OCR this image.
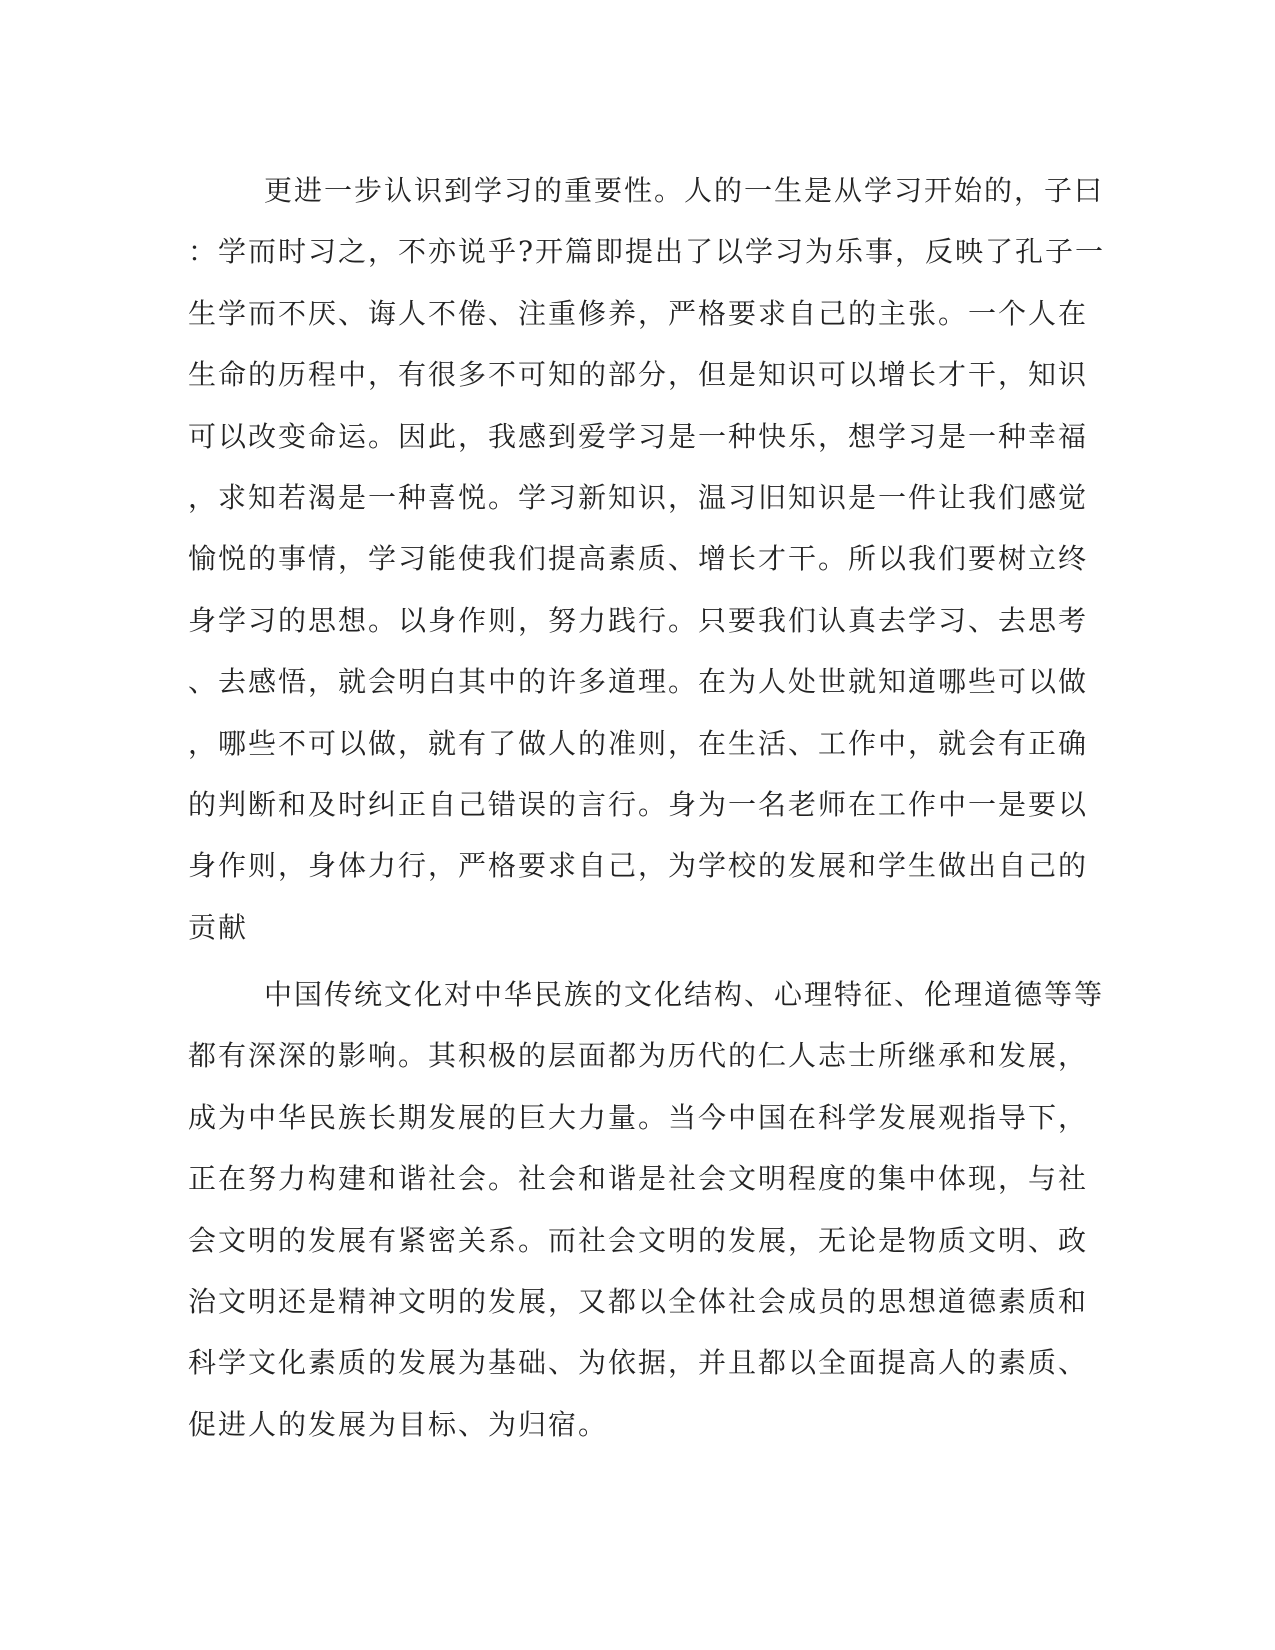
更进一步认识到学习的重要性。人的一生是从学习开始的，子曰
：学而时习之，不亦说乎?开篇即提出了以学习为乐事，反映了孔子一
生学而不厌、诲人不倦、注重修养，严格要求自己的主张。一个人在
生命的历程中，有很多不可知的部分，但是知识可以增长才干，知识
可以改变命运。因此，我感到爱学习是一种快乐，想学习是一种幸福
，求知若渴是一种喜悦。学习新知识，温习旧知识是一件让我们感觉
愉悦的事情，学习能使我们提高素质、增长才干。所以我们要树立终
身学习的思想。以身作则，努力践行。只要我们认真去学习、去思考
、去感悟，就会明白其中的许多道理。在为人处世就知道哪些可以做
，哪些不可以做，就有了做人的准则，在生活、工作中，就会有正确
的判断和及时纠正自己错误的言行。身为一名老师在工作中一是要以
身作则，身体力行，严格要求自己，为学校的发展和学生做出自己的
贡献
中国传统文化对中华民族的文化结构、心理特征、伦理道德等等
都有深深的影响。其积极的层面都为历代的仁人志士所继承和发展，
成为中华民族长期发展的巨大力量。当今中国在科学发展观指导下，
正在努力构建和谐社会。社会和谐是社会文明程度的集中体现，与社
会文明的发展有紧密关系。而社会文明的发展，无论是物质文明、政
治文明还是精神文明的发展，又都以全体社会成员的思想道德素质和
科学文化素质的发展为基础、为依据，并且都以全面提高人的素质、
促进人的发展为目标、为归宿。
